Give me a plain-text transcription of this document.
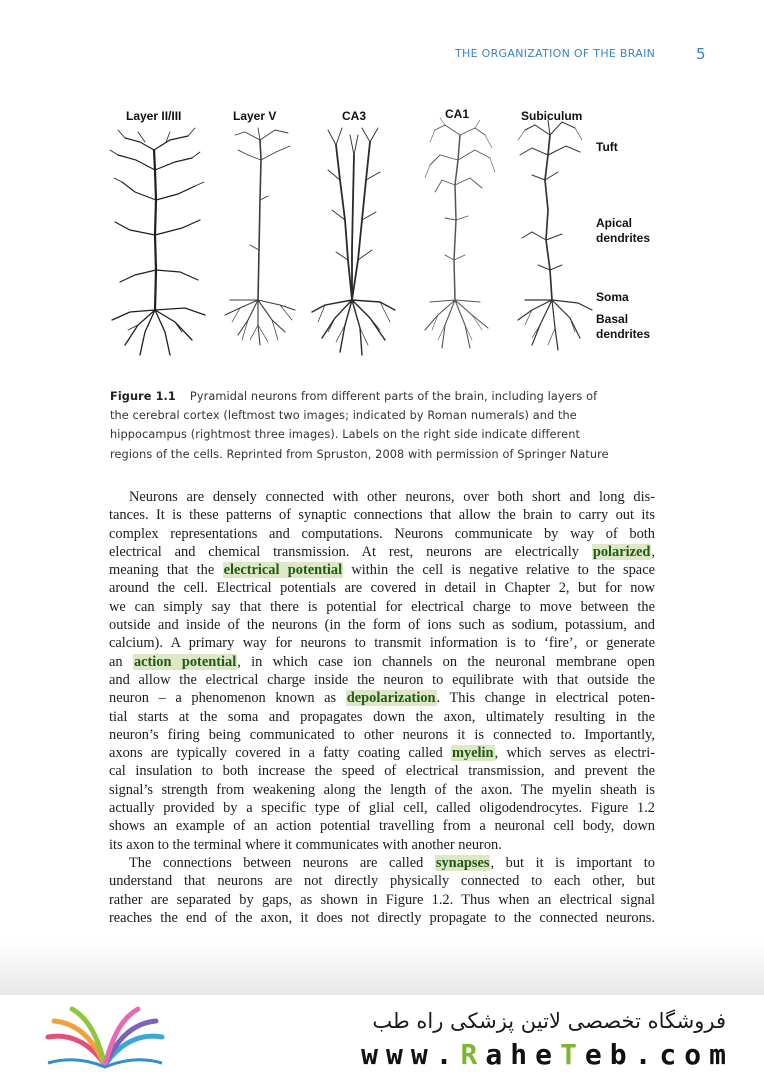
THE ORGANIZATION OF THE BRAIN	5
Layer II/III	Layer V	CA3	CA1	Subiculum
Tuft
Apical
dendrites
Soma
Basal
dendrites
Figure 1.1 Pyramidal neurons from different parts of the brain, including layers of
the cerebral cortex (leftmost two images; indicated by Roman numerals) and the
hippocampus (rightmost three images). Labels on the right side indicate different
regions of the cells. Reprinted from Spruston, 2008 with permission of Springer Nature
Neurons are densely connected with other neurons, over both short and long dis-
tances. It is these patterns of synaptic connections that allow the brain to carry out its
complex representations and computations. Neurons communicate by way of both
electrical and chemical transmission. At rest, neurons are electrically polarized,
meaning that the electrical potential within the cell is negative relative to the space
around the cell. Electrical potentials are covered in detail in Chapter 2, but for now
we can simply say that there is potential for electrical charge to move between the
outside and inside of the neurons (in the form of ions such as sodium, potassium, and
calcium). A primary way for neurons to transmit information is to ‘fire’, or generate
an action potential, in which case ion channels on the neuronal membrane open
and allow the electrical charge inside the neuron to equilibrate with that outside the
neuron – a phenomenon known as depolarization. This change in electrical poten-
tial starts at the soma and propagates down the axon, ultimately resulting in the
neuron’s firing being communicated to other neurons it is connected to. Importantly,
axons are typically covered in a fatty coating called myelin, which serves as electri-
cal insulation to both increase the speed of electrical transmission, and prevent the
signal’s strength from weakening along the length of the axon. The myelin sheath is
actually provided by a specific type of glial cell, called oligodendrocytes. Figure 1.2
shows an example of an action potential travelling from a neuronal cell body, down
its axon to the terminal where it communicates with another neuron.
The connections between neurons are called synapses, but it is important to
understand that neurons are not directly physically connected to each other, but
rather are separated by gaps, as shown in Figure 1.2. Thus when an electrical signal
reaches the end of the axon, it does not directly propagate to the connected neurons.
فروشگاه تخصصی لاتین پزشکی راه طب
www.RaheTeb.com
